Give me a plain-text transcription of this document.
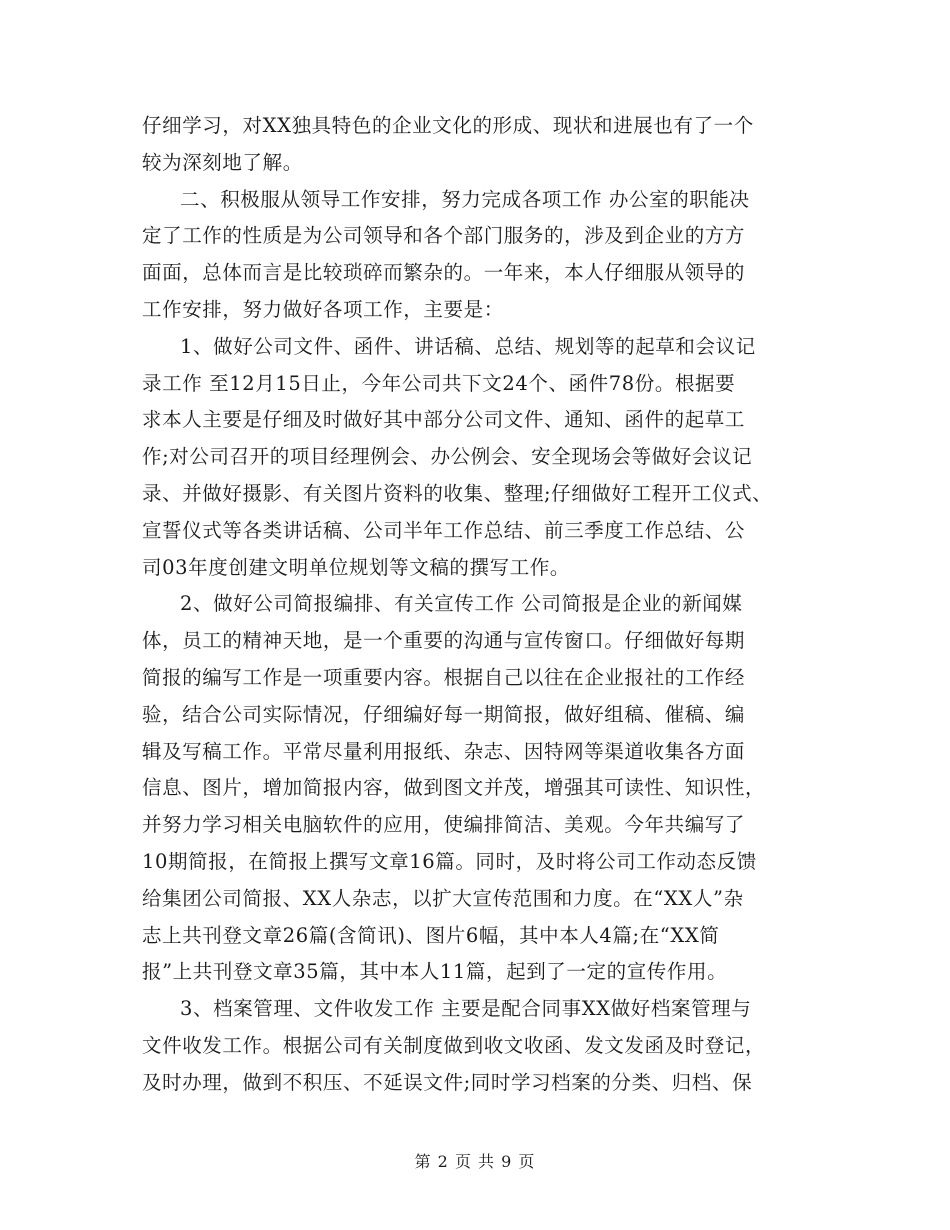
仔细学习，对XX独具特色的企业文化的形成、现状和进展也有了一个
较为深刻地了解。
二、积极服从领导工作安排，努力完成各项工作 办公室的职能决
定了工作的性质是为公司领导和各个部门服务的，涉及到企业的方方
面面，总体而言是比较琐碎而繁杂的。一年来，本人仔细服从领导的
工作安排，努力做好各项工作，主要是：
1、做好公司文件、函件、讲话稿、总结、规划等的起草和会议记
录工作 至12月15日止，今年公司共下文24个、函件78份。根据要
求本人主要是仔细及时做好其中部分公司文件、通知、函件的起草工
作;对公司召开的项目经理例会、办公例会、安全现场会等做好会议记
录、并做好摄影、有关图片资料的收集、整理;仔细做好工程开工仪式、
宣誓仪式等各类讲话稿、公司半年工作总结、前三季度工作总结、公
司03年度创建文明单位规划等文稿的撰写工作。
2、做好公司简报编排、有关宣传工作 公司简报是企业的新闻媒
体，员工的精神天地，是一个重要的沟通与宣传窗口。仔细做好每期
简报的编写工作是一项重要内容。根据自己以往在企业报社的工作经
验，结合公司实际情况，仔细编好每一期简报，做好组稿、催稿、编
辑及写稿工作。平常尽量利用报纸、杂志、因特网等渠道收集各方面
信息、图片，增加简报内容，做到图文并茂，增强其可读性、知识性，
并努力学习相关电脑软件的应用，使编排简洁、美观。今年共编写了
10期简报，在简报上撰写文章16篇。同时，及时将公司工作动态反馈
给集团公司简报、XX人杂志，以扩大宣传范围和力度。在“XX人”杂
志上共刊登文章26篇(含简讯)、图片6幅，其中本人4篇;在“XX简
报”上共刊登文章35篇，其中本人11篇，起到了一定的宣传作用。
3、档案管理、文件收发工作 主要是配合同事XX做好档案管理与
文件收发工作。根据公司有关制度做到收文收函、发文发函及时登记，
及时办理，做到不积压、不延误文件;同时学习档案的分类、归档、保
第 2 页 共 9 页
